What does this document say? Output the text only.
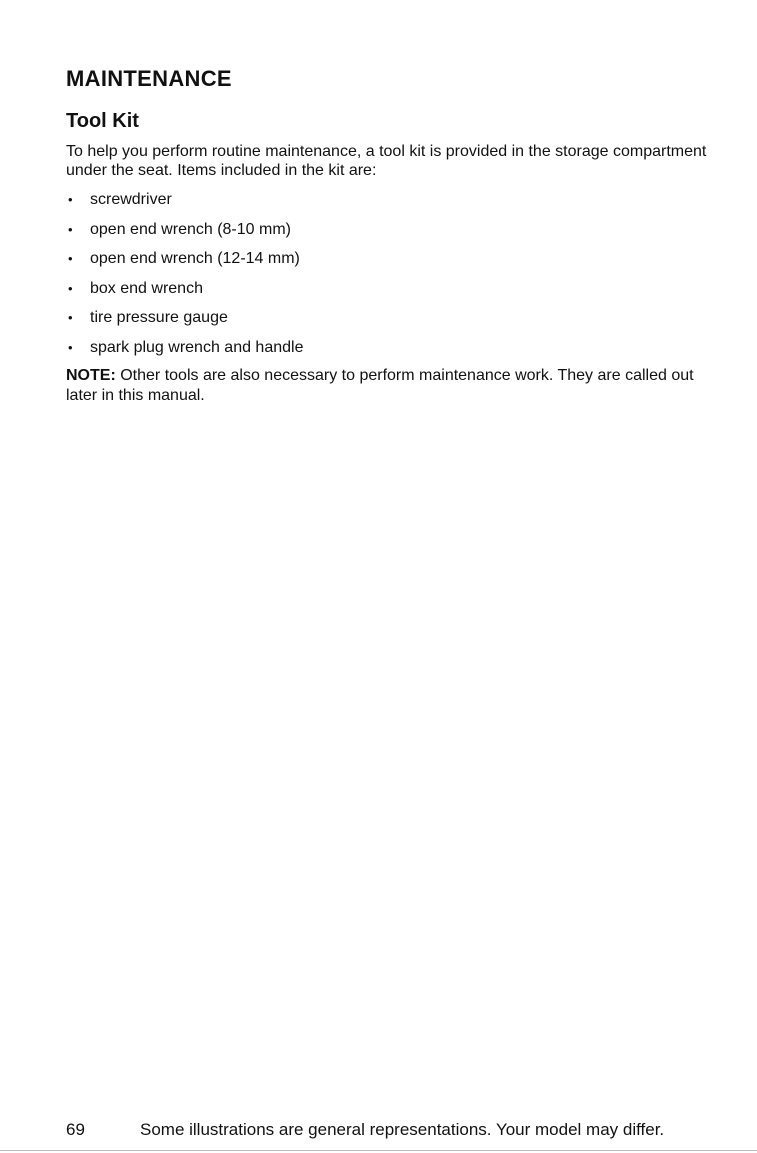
MAINTENANCE
Tool Kit

To help you perform routine maintenance, a tool kit is provided in the storage compartment under the seat. Items included in the kit are:

• screwdriver
• open end wrench (8-10 mm)
• open end wrench (12-14 mm)
• box end wrench
• tire pressure gauge
• spark plug wrench and handle

NOTE: Other tools are also necessary to perform maintenance work. They are called out later in this manual.

69	Some illustrations are general representations. Your model may differ.
